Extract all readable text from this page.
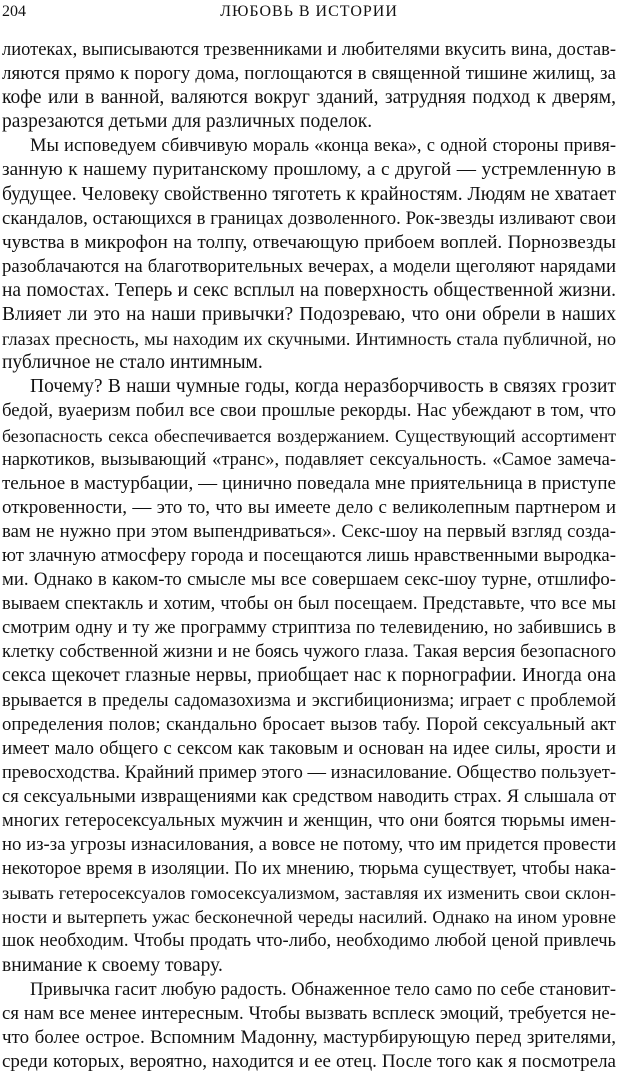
204	ЛЮБОВЬ В ИСТОРИИ
лиотеках, выписываются трезвенниками и любителями вкусить вина, достав-
ляются прямо к порогу дома, поглощаются в священной тишине жилищ, за
кофе или в ванной, валяются вокруг зданий, затрудняя подход к дверям,
разрезаются детьми для различных поделок.
Мы исповедуем сбивчивую мораль «конца века», с одной стороны привя-
занную к нашему пуританскому прошлому, а с другой — устремленную в
будущее. Человеку свойственно тяготеть к крайностям. Людям не хватает
скандалов, остающихся в границах дозволенного. Рок-звезды изливают свои
чувства в микрофон на толпу, отвечающую прибоем воплей. Порнозвезды
разоблачаются на благотворительных вечерах, а модели щеголяют нарядами
на помостах. Теперь и секс всплыл на поверхность общественной жизни.
Влияет ли это на наши привычки? Подозреваю, что они обрели в наших
глазах пресность, мы находим их скучными. Интимность стала публичной, но
публичное не стало интимным.
Почему? В наши чумные годы, когда неразборчивость в связях грозит
бедой, вуаеризм побил все свои прошлые рекорды. Нас убеждают в том, что
безопасность секса обеспечивается воздержанием. Существующий ассортимент
наркотиков, вызывающий «транс», подавляет сексуальность. «Самое замеча-
тельное в мастурбации, — цинично поведала мне приятельница в приступе
откровенности, — это то, что вы имеете дело с великолепным партнером и
вам не нужно при этом выпендриваться». Секс-шоу на первый взгляд созда-
ют злачную атмосферу города и посещаются лишь нравственными выродка-
ми. Однако в каком-то смысле мы все совершаем секс-шоу турне, отшлифо-
вываем спектакль и хотим, чтобы он был посещаем. Представьте, что все мы
смотрим одну и ту же программу стриптиза по телевидению, но забившись в
клетку собственной жизни и не боясь чужого глаза. Такая версия безопасного
секса щекочет глазные нервы, приобщает нас к порнографии. Иногда она
врывается в пределы садомазохизма и эксгибиционизма; играет с проблемой
определения полов; скандально бросает вызов табу. Порой сексуальный акт
имеет мало общего с сексом как таковым и основан на идее силы, ярости и
превосходства. Крайний пример этого — изнасилование. Общество пользует-
ся сексуальными извращениями как средством наводить страх. Я слышала от
многих гетеросексуальных мужчин и женщин, что они боятся тюрьмы имен-
но из-за угрозы изнасилования, а вовсе не потому, что им придется провести
некоторое время в изоляции. По их мнению, тюрьма существует, чтобы нака-
зывать гетеросексуалов гомосексуализмом, заставляя их изменить свои склон-
ности и вытерпеть ужас бесконечной череды насилий. Однако на ином уровне
шок необходим. Чтобы продать что-либо, необходимо любой ценой привлечь
внимание к своему товару.
Привычка гасит любую радость. Обнаженное тело само по себе становит-
ся нам все менее интересным. Чтобы вызвать всплеск эмоций, требуется не-
что более острое. Вспомним Мадонну, мастурбирующую перед зрителями,
среди которых, вероятно, находится и ее отец. После того как я посмотрела
